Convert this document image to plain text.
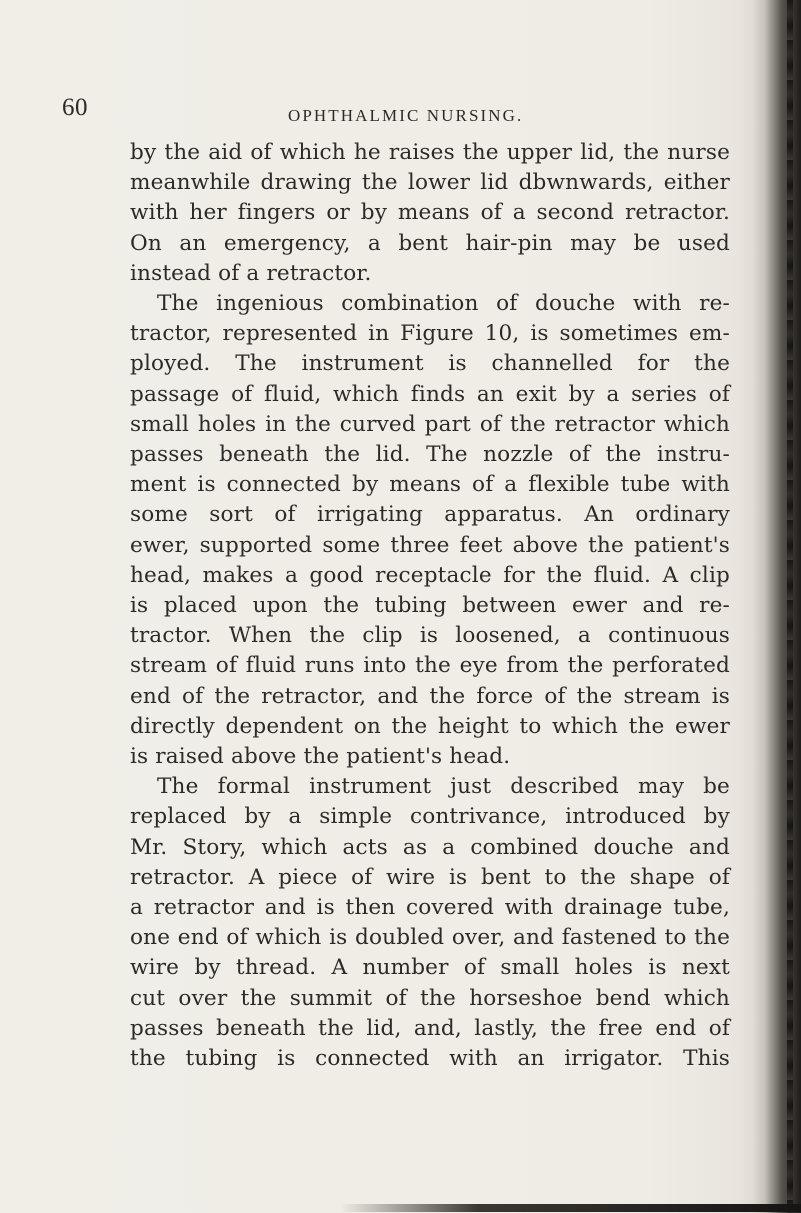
60	OPHTHALMIC NURSING.
by the aid of which he raises the upper lid, the nurse
meanwhile drawing the lower lid dbwnwards, either
with her fingers or by means of a second retractor.
On an emergency, a bent hair-pin may be used
instead of a retractor.
The ingenious combination of douche with re-
tractor, represented in Figure 10, is sometimes em-
ployed. The instrument is channelled for the
passage of fluid, which finds an exit by a series of
small holes in the curved part of the retractor which
passes beneath the lid. The nozzle of the instru-
ment is connected by means of a flexible tube with
some sort of irrigating apparatus. An ordinary
ewer, supported some three feet above the patient's
head, makes a good receptacle for the fluid. A clip
is placed upon the tubing between ewer and re-
tractor. When the clip is loosened, a continuous
stream of fluid runs into the eye from the perforated
end of the retractor, and the force of the stream is
directly dependent on the height to which the ewer
is raised above the patient's head.
The formal instrument just described may be
replaced by a simple contrivance, introduced by
Mr. Story, which acts as a combined douche and
retractor. A piece of wire is bent to the shape of
a retractor and is then covered with drainage tube,
one end of which is doubled over, and fastened to the
wire by thread. A number of small holes is next
cut over the summit of the horseshoe bend which
passes beneath the lid, and, lastly, the free end of
the tubing is connected with an irrigator. This
